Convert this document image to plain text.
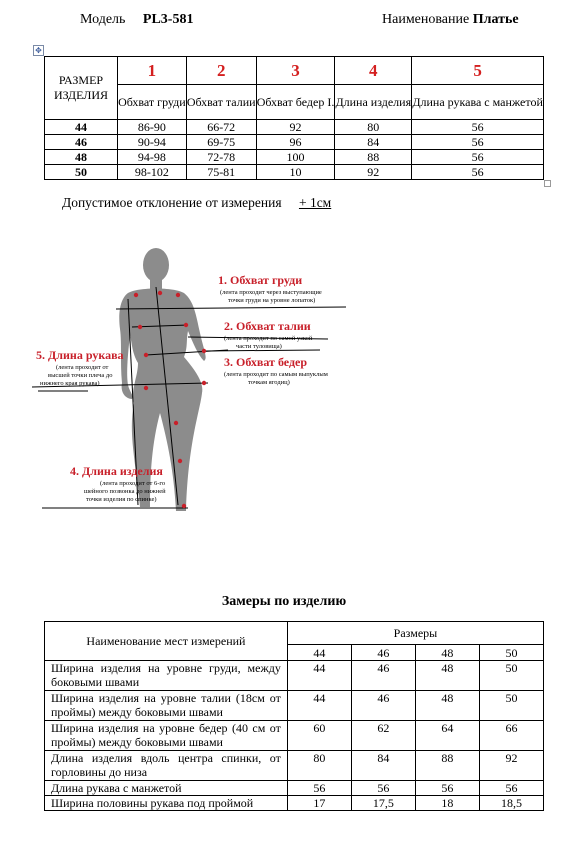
Модель PL3-581	Наименование Платье
✥
РАЗМЕР ИЗДЕЛИЯ	1	2	3	4	5
	Обхват груди	Обхват талии	Обхват бедер I.	Длина изделия	Длина рукава с манжетой
44	86-90	66-72	92	80	56
46	90-94	69-75	96	84	56
48	94-98	72-78	100	88	56
50	98-102	75-81	10	92	56
Допустимое отклонение от измерения + 1см
1. Обхват груди
(лента проходит через выступающие
точки груди на уровне лопаток)
2. Обхват талии
(лента проходит по самой узкой
части туловища)
3. Обхват бедер
(лента проходит по самым выпуклым
точкам ягодиц)
5. Длина рукава
(лента проходит от
высшей точки плеча до
нижнего края рукава)
4. Длина изделия
(лента проходит от 6-го
шейного позвонка до нижней
точки изделия по спинке)
Замеры по изделию
Наименование мест измерений	Размеры			
	44	46	48	50
Ширина изделия на уровне груди, между боковыми швами	44	46	48	50
Ширина изделия на уровне талии (18см от проймы) между боковыми швами	44	46	48	50
Ширина изделия на уровне бедер (40 см от проймы) между боковыми швами	60	62	64	66
Длина изделия вдоль центра спинки, от горловины до низа	80	84	88	92
Длина рукава с манжетой	56	56	56	56
Ширина половины рукава под проймой	17	17,5	18	18,5
